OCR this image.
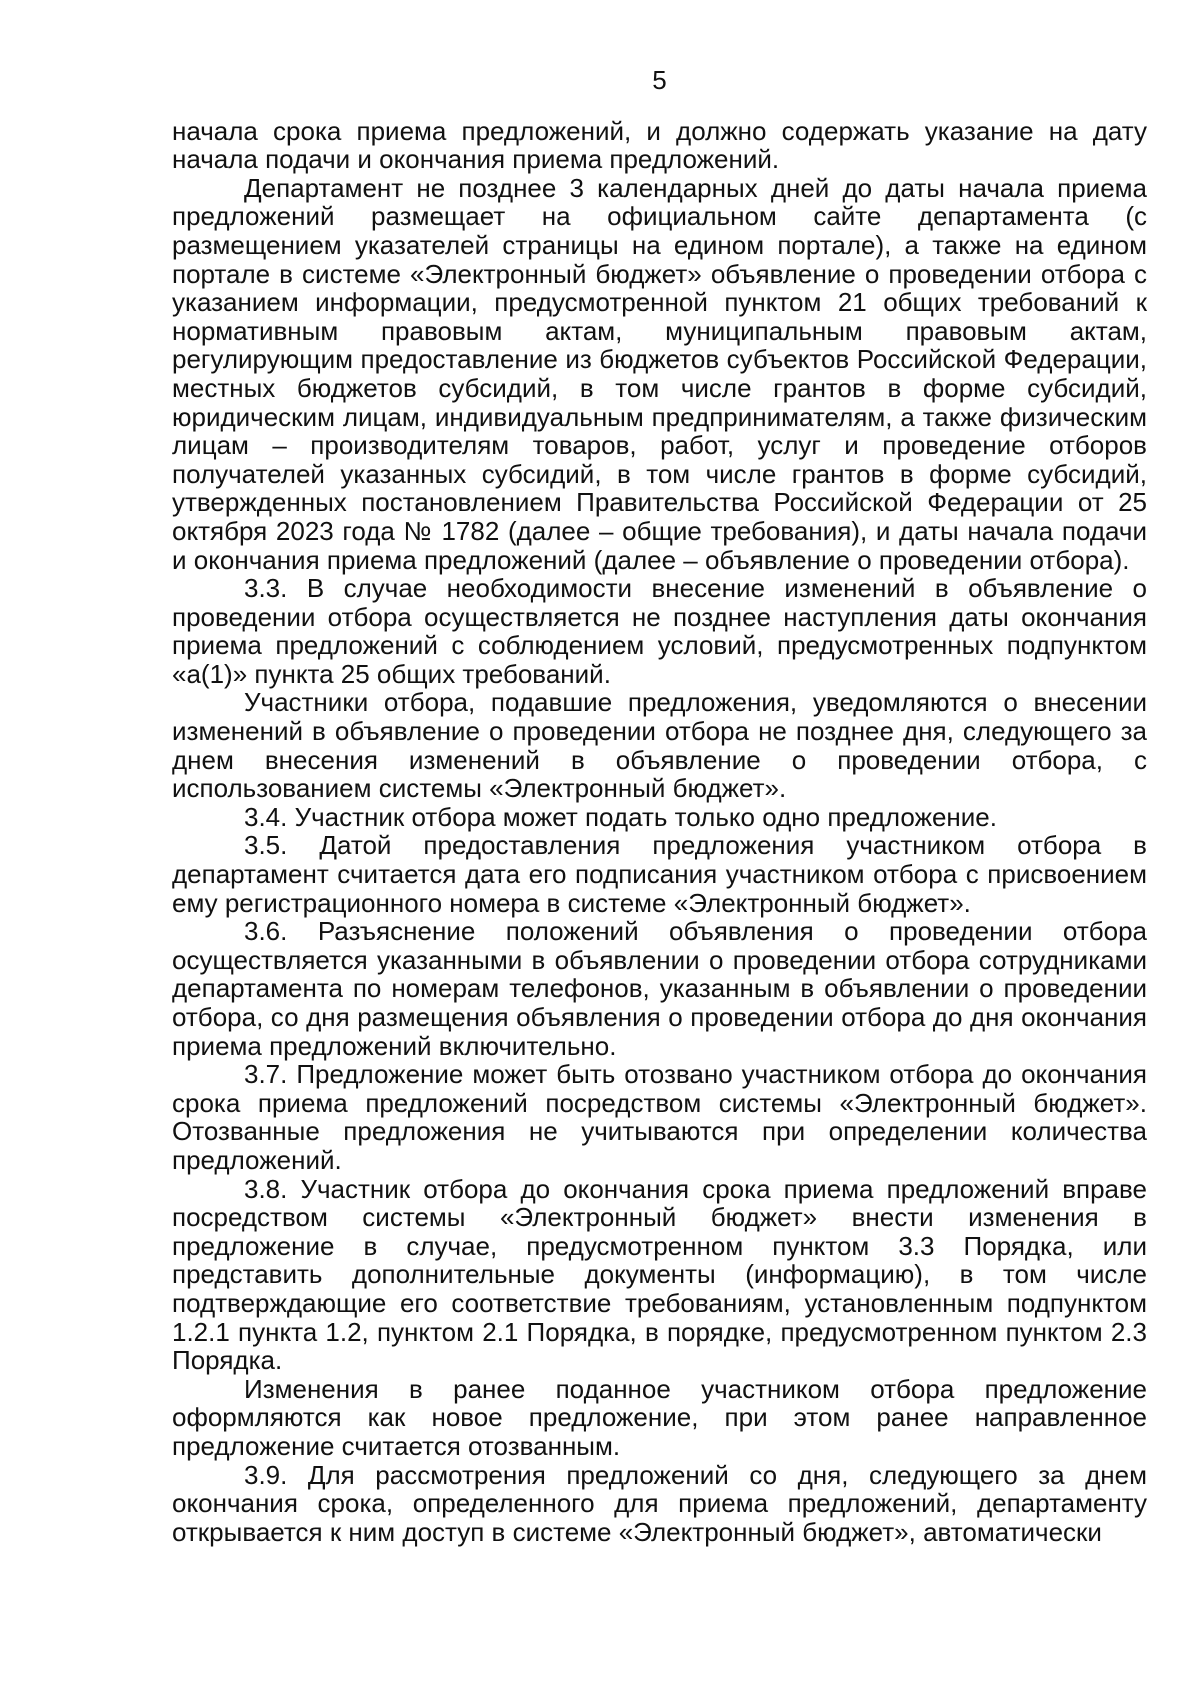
5

начала срока приема предложений, и должно содержать указание на дату начала подачи и окончания приема предложений.

Департамент не позднее 3 календарных дней до даты начала приема предложений размещает на официальном сайте департамента (с размещением указателей страницы на едином портале), а также на едином портале в системе «Электронный бюджет» объявление о проведении отбора с указанием информации, предусмотренной пунктом 21 общих требований к нормативным правовым актам, муниципальным правовым актам, регулирующим предоставление из бюджетов субъектов Российской Федерации, местных бюджетов субсидий, в том числе грантов в форме субсидий, юридическим лицам, индивидуальным предпринимателям, а также физическим лицам – производителям товаров, работ, услуг и проведение отборов получателей указанных субсидий, в том числе грантов в форме субсидий, утвержденных постановлением Правительства Российской Федерации от 25 октября 2023 года № 1782 (далее – общие требования), и даты начала подачи и окончания приема предложений (далее – объявление о проведении отбора).

3.3. В случае необходимости внесение изменений в объявление о проведении отбора осуществляется не позднее наступления даты окончания приема предложений с соблюдением условий, предусмотренных подпунктом «а(1)» пункта 25 общих требований.

Участники отбора, подавшие предложения, уведомляются о внесении изменений в объявление о проведении отбора не позднее дня, следующего за днем внесения изменений в объявление о проведении отбора, с использованием системы «Электронный бюджет».

3.4. Участник отбора может подать только одно предложение.

3.5. Датой предоставления предложения участником отбора в департамент считается дата его подписания участником отбора с присвоением ему регистрационного номера в системе «Электронный бюджет».

3.6. Разъяснение положений объявления о проведении отбора осуществляется указанными в объявлении о проведении отбора сотрудниками департамента по номерам телефонов, указанным в объявлении о проведении отбора, со дня размещения объявления о проведении отбора до дня окончания приема предложений включительно.

3.7. Предложение может быть отозвано участником отбора до окончания срока приема предложений посредством системы «Электронный бюджет». Отозванные предложения не учитываются при определении количества предложений.

3.8. Участник отбора до окончания срока приема предложений вправе посредством системы «Электронный бюджет» внести изменения в предложение в случае, предусмотренном пунктом 3.3 Порядка, или представить дополнительные документы (информацию), в том числе подтверждающие его соответствие требованиям, установленным подпунктом 1.2.1 пункта 1.2, пунктом 2.1 Порядка, в порядке, предусмотренном пунктом 2.3 Порядка.

Изменения в ранее поданное участником отбора предложение оформляются как новое предложение, при этом ранее направленное предложение считается отозванным.

3.9. Для рассмотрения предложений со дня, следующего за днем окончания срока, определенного для приема предложений, департаменту открывается к ним доступ в системе «Электронный бюджет», автоматически
